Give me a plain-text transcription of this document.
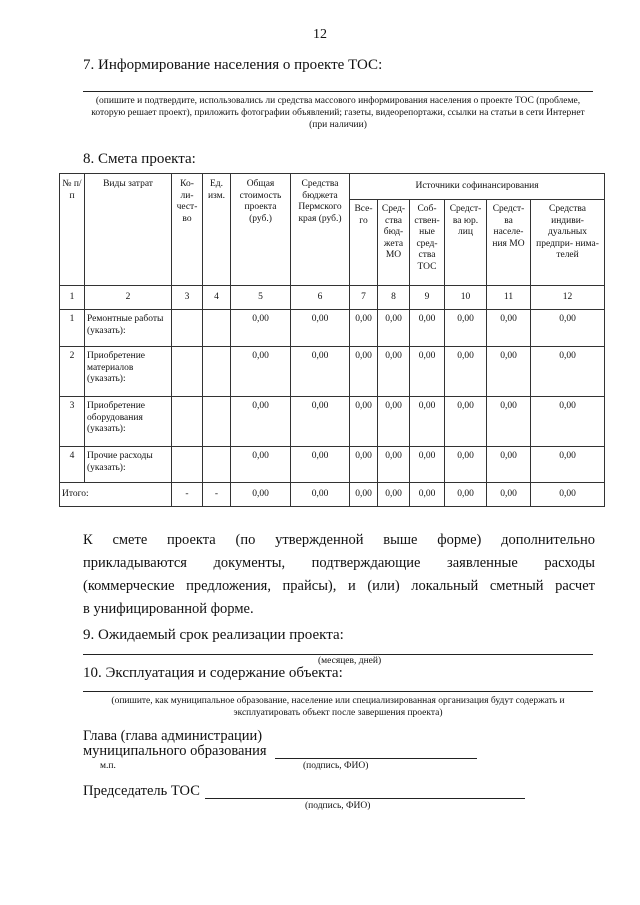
12
7. Информирование населения о проекте ТОС:
(опишите и подтвердите, использовались ли средства массового информирования населения о проекте ТОС (проблеме, которую решает проект), приложить фотографии объявлений; газеты, видеорепортажи, ссылки на статьи в сети Интернет (при наличии)
8. Смета проекта:
№ п/п	Виды затрат	Ко- ли- чест- во	Ед. изм.	Общая стоимость проекта (руб.)	Средства бюджета Пермского края (руб.)	Источники софинансирования					
						Все- го	Сред- ства бюд- жета МО	Соб- ствен- ные сред- ства ТОС	Средст- ва юр. лиц	Средст- ва населе- ния МО	Средства индиви- дуальных предпри- нима- телей
1	2	3	4	5	6	7	8	9	10	11	12
1	Ремонтные работы (указать):			0,00	0,00	0,00	0,00	0,00	0,00	0,00	0,00
2	Приобретение материалов (указать):			0,00	0,00	0,00	0,00	0,00	0,00	0,00	0,00
3	Приобретение оборудования (указать):			0,00	0,00	0,00	0,00	0,00	0,00	0,00	0,00
4	Прочие расходы (указать):			0,00	0,00	0,00	0,00	0,00	0,00	0,00	0,00
Итого:		-	-	0,00	0,00	0,00	0,00	0,00	0,00	0,00	0,00
К смете проекта (по утвержденной выше форме) дополнительно
прикладываются документы, подтверждающие заявленные расходы
(коммерческие предложения, прайсы), и (или) локальный сметный расчет
в унифицированной форме.
9. Ожидаемый срок реализации проекта:
(месяцев, дней)
10. Эксплуатация и содержание объекта:
(опишите, как муниципальное образование, население или специализированная организация будут содержать и эксплуатировать объект после завершения проекта)
Глава (глава администрации)
муниципального образования
м.п.	(подпись, ФИО)
Председатель ТОС
(подпись, ФИО)
